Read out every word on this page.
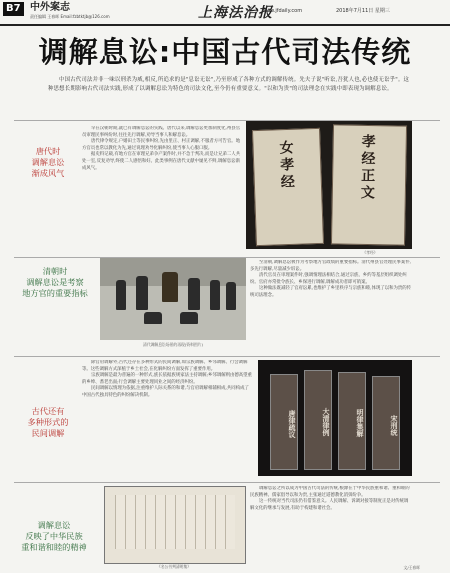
B7 中外案志
责任编辑 王春晖 Email:fzbtktjb@126.com	上海法治报
www.jfdaily.com	2018年7月11日 星期三
调解息讼:中国古代司法传统
中国古代司法并非一味以刑杀为威,相反,所追求的是"息讼无讼",乃至形成了各种方式的调解传统。先夫子说"听讼,吾犹人也,必也使无讼乎"。这种思想长期影响古代司法实践,形成了以调解息讼为特色的司法文化,至今仍有重要意义。"以和为贵"的司法理念在实践中即表现为调解息讼。
唐代时
调解息讼
渐成风气

早在汉朝时期,就已有调解息讼的实践。唐代以来,调解息讼更加制度化,州县官员审理民事纠纷时,往往先行调解,劝导当事人和解息讼。

唐代律令规定,户婚田土等民事纠纷,先由里正、村正调解,不服者方可告官。地方官员也常以教化为先,通过说理劝导化解纠纷,使当事人心服口服。

据史料记载,有地方官在审理兄弟争产案件时,并不急于判决,而是让兄弟二人共处一室,反复劝导,终使二人感悟和好。此类事例在唐代文献中屡见不鲜,调解息讼渐成风气。	女孝经	孝经正文
《孝经》
清朝时
调解息讼是考察
地方官的重要指标
清代调解息讼场景的再现(资料图片)

至清朝,调解息讼被作为考察地方官政绩的重要指标。清代州县官处理民事案件,多先行调解,尽量减少诉讼。

清代官员在审理案件时,强调情理法相结合,通过宗族、乡约等基层组织调处纠纷。官府亦常批令族长、乡保进行调解,调解成功者即可销案。

这种做法既减轻了官府讼累,也维护了乡里秩序与宗族和睦,体现了以和为贵的传统司法理念。

古代还有
多种形式的
民间调解

除官府调解外,古代还存在多种形式的民间调解,如宗族调解、乡邻调解、行会调解等。这些调解方式深植于乡土社会,在化解纠纷方面发挥了重要作用。

宗族调解是最为普遍的一种形式,族长依据族规家法主持调解;乡邻调解则由德高望重的乡绅、耆老出面;行会调解主要处理同业之间的经济纠纷。

民间调解以情理为依据,注重维护人际关系的和谐,与官府调解相辅相成,共同构成了中国古代独具特色的纠纷解决机制。

唐律疏议	大清律例	明律集解	宋刑统
调解息讼
反映了中华民族
重和谐和睦的精神
《名公书判清明集》

调解息讼之所以成为中国古代司法的传统,根源在于中华民族重和谐、重和睦的民族精神。儒家倡导以和为贵,主张通过道德教化消弭纷争。

这一传统对当代司法仍有借鉴意义。人民调解、诉调对接等制度正是对传统调解文化的继承与发展,有助于构建和谐社会。

文/王春晖
